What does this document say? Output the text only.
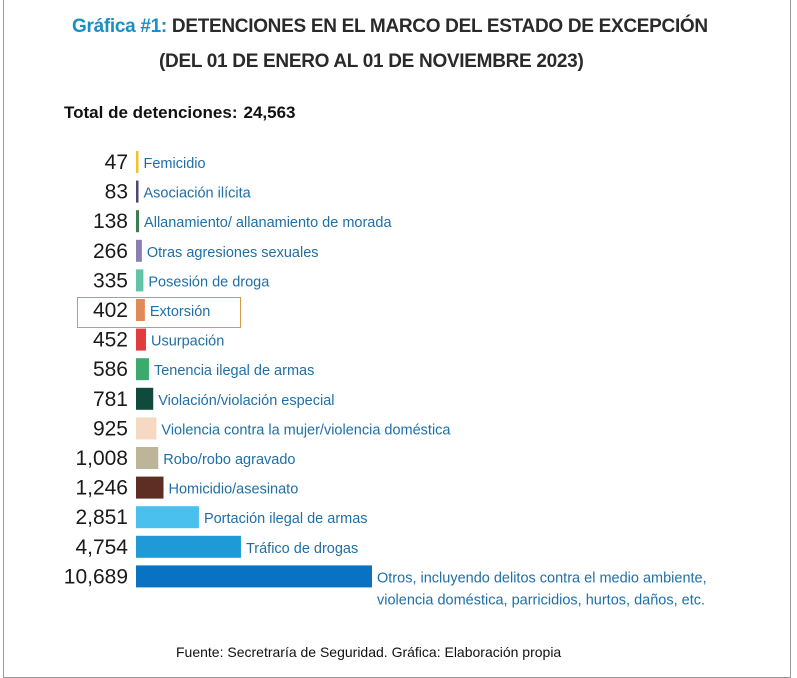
Gráfica #1: DETENCIONES EN EL MARCO DEL ESTADO DE EXCEPCIÓN
(DEL 01 DE ENERO AL 01 DE NOVIEMBRE 2023)
Total de detenciones: 24,563
47 Femicidio
83 Asociación ilícita
138 Allanamiento/ allanamiento de morada
266 Otras agresiones sexuales
335 Posesión de droga
402 Extorsión
452 Usurpación
586 Tenencia ilegal de armas
781 Violación/violación especial
925 Violencia contra la mujer/violencia doméstica
1,008 Robo/robo agravado
1,246	Homicidio/asesinato
2,851	Portación ilegal de armas
4,754	Tráfico de drogas
10,689	Otros, incluyendo delitos contra el medio ambiente,
violencia doméstica, parricidios, hurtos, daños, etc.
Fuente: Secretraría de Seguridad. Gráfica: Elaboración propia
